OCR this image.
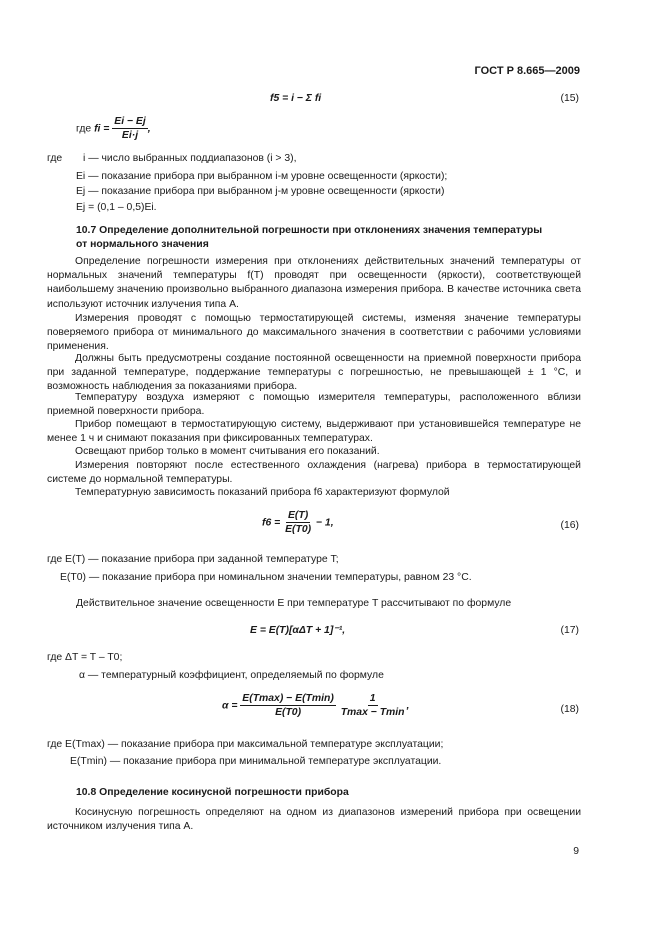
ГОСТ Р 8.665—2009
f5 = i − Σ fi	(15)
где fi = $\frac{Ei - Ej}{Ei\cdot j}$ ,
где i — число выбранных поддиапазонов (i > 3),
Ei — показание прибора при выбранном i-м уровне освещенности (яркости);
Ej — показание прибора при выбранном j-м уровне освещенности (яркости)
Ej = (0,1 – 0,5)Ei.
10.7 Определение дополнительной погрешности при отклонениях значения температуры
от нормального значения
Определение погрешности измерения при отклонениях действительных значений температуры от нормальных значений температуры f(T) проводят при освещенности (яркости), соответствующей наибольшему значению произвольно выбранного диапазона измерения прибора. В качестве источника света используют источник излучения типа А.
Измерения проводят с помощью термостатирующей системы, изменяя значение температуры поверяемого прибора от минимального до максимального значения в соответствии с рабочими условиями применения.
Должны быть предусмотрены создание постоянной освещенности на приемной поверхности прибора при заданной температуре, поддержание температуры с погрешностью, не превышающей ± 1 °С, и возможность наблюдения за показаниями прибора.
Температуру воздуха измеряют с помощью измерителя температуры, расположенного вблизи приемной поверхности прибора.
Прибор помещают в термостатирующую систему, выдерживают при установившейся температуре не менее 1 ч и снимают показания при фиксированных температурах.
Освещают прибор только в момент считывания его показаний.
Измерения повторяют после естественного охлаждения (нагрева) прибора в термостатирующей системе до нормальной температуры.
Температурную зависимость показаний прибора f6 характеризуют формулой
$f6 = \frac{E(T)}{E(T0)} - 1$,	(16)
где E(T) — показание прибора при заданной температуре T;
E(T0) — показание прибора при номинальном значении температуры, равном 23 °С.
Действительное значение освещенности E при температуре T рассчитывают по формуле
E = E(T)[αΔT + 1]⁻¹,	(17)
где ΔT = T – T0;
α — температурный коэффициент, определяемый по формуле
$\alpha = \frac{E(Tmax) - E(Tmin)}{E(T0)}$
$\frac{1}{Tmax - Tmin}$ ,	(18)
где E(Tmax) — показание прибора при максимальной температуре эксплуатации;
E(Tmin) — показание прибора при минимальной температуре эксплуатации.
10.8 Определение косинусной погрешности прибора
Косинусную погрешность определяют на одном из диапазонов измерений прибора при освещении источником излучения типа А.
9
